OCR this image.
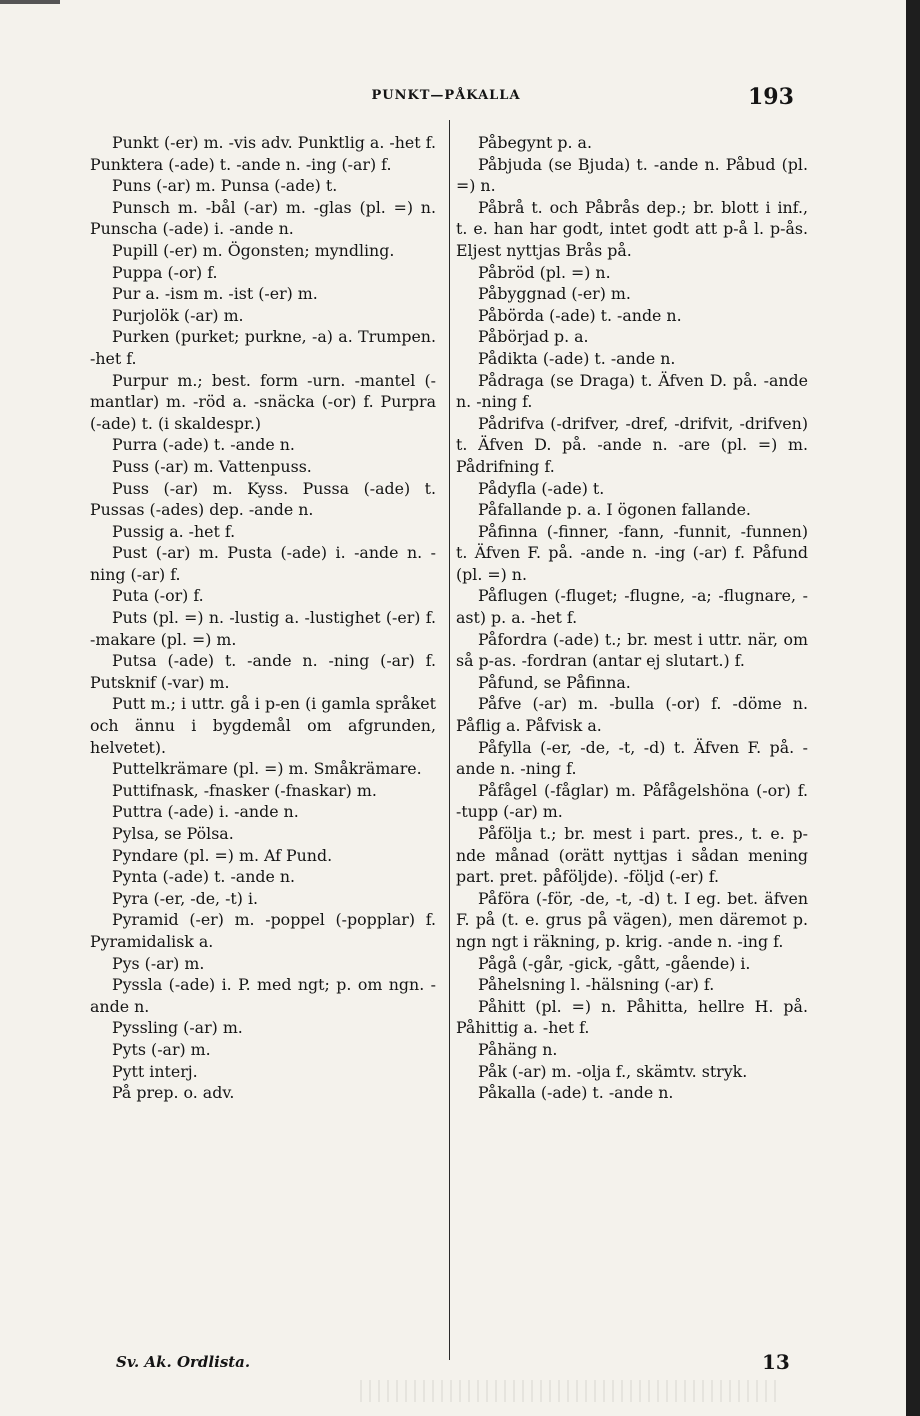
PUNKT—PÅKALLA	193

Punkt (-er) m. -vis adv. Punktlig a. -het f. Punktera (-ade) t. -ande n. -ing (-ar) f.

Puns (-ar) m. Punsa (-ade) t.

Punsch m. -bål (-ar) m. -glas (pl. =) n. Punscha (-ade) i. -ande n.

Pupill (-er) m. Ögonsten; myndling.

Puppa (-or) f.

Pur a. -ism m. -ist (-er) m.

Purjolök (-ar) m.

Purken (purket; purkne, -a) a. Trumpen. -het f.

Purpur m.; best. form -urn. -mantel (-mantlar) m. -röd a. -snäcka (-or) f. Purpra (-ade) t. (i skaldespr.)

Purra (-ade) t. -ande n.

Puss (-ar) m. Vattenpuss.

Puss (-ar) m. Kyss. Pussa (-ade) t. Pussas (-ades) dep. -ande n.

Pussig a. -het f.

Pust (-ar) m. Pusta (-ade) i. -ande n. -ning (-ar) f.

Puta (-or) f.

Puts (pl. =) n. -lustig a. -lustighet (-er) f. -makare (pl. =) m.

Putsa (-ade) t. -ande n. -ning (-ar) f. Putsknif (-var) m.

Putt m.; i uttr. gå i p-en (i gamla språket och ännu i bygdemål om afgrunden, helvetet).

Puttelkrämare (pl. =) m. Småkrämare.

Puttifnask, -fnasker (-fnaskar) m.

Puttra (-ade) i. -ande n.

Pylsa, se Pölsa.

Pyndare (pl. =) m. Af Pund.

Pynta (-ade) t. -ande n.

Pyra (-er, -de, -t) i.

Pyramid (-er) m. -poppel (-popplar) f. Pyramidalisk a.

Pys (-ar) m.

Pyssla (-ade) i. P. med ngt; p. om ngn. -ande n.

Pyssling (-ar) m.

Pyts (-ar) m.

Pytt interj.

På prep. o. adv.

Påbegynt p. a.

Påbjuda (se Bjuda) t. -ande n. Påbud (pl. =) n.

Påbrå t. och Påbrås dep.; br. blott i inf., t. e. han har godt, intet godt att p-å l. p-ås. Eljest nyttjas Brås på.

Påbröd (pl. =) n.

Påbyggnad (-er) m.

Påbörda (-ade) t. -ande n.

Påbörjad p. a.

Pådikta (-ade) t. -ande n.

Pådraga (se Draga) t. Äfven D. på. -ande n. -ning f.

Pådrifva (-drifver, -dref, -drifvit, -drifven) t. Äfven D. på. -ande n. -are (pl. =) m. Pådrifning f.

Pådyfla (-ade) t.

Påfallande p. a. I ögonen fallande.

Påfinna (-finner, -fann, -funnit, -funnen) t. Äfven F. på. -ande n. -ing (-ar) f. Påfund (pl. =) n.

Påflugen (-fluget; -flugne, -a; -flugnare, -ast) p. a. -het f.

Påfordra (-ade) t.; br. mest i uttr. när, om så p-as. -fordran (antar ej slutart.) f.

Påfund, se Påfinna.

Påfve (-ar) m. -bulla (-or) f. -döme n. Påflig a. Påfvisk a.

Påfylla (-er, -de, -t, -d) t. Äfven F. på. -ande n. -ning f.

Påfågel (-fåglar) m. Påfågelshöna (-or) f. -tupp (-ar) m.

Påfölja t.; br. mest i part. pres., t. e. p-nde månad (orätt nyttjas i sådan mening part. pret. påföljde). -följd (-er) f.

Påföra (-för, -de, -t, -d) t. I eg. bet. äfven F. på (t. e. grus på vägen), men däremot p. ngn ngt i räkning, p. krig. -ande n. -ing f.

Pågå (-går, -gick, -gått, -gående) i.

Påhelsning l. -hälsning (-ar) f.

Påhitt (pl. =) n. Påhitta, hellre H. på. Påhittig a. -het f.

Påhäng n.

Påk (-ar) m. -olja f., skämtv. stryk.

Påkalla (-ade) t. -ande n.

Sv. Ak. Ordlista.	13
